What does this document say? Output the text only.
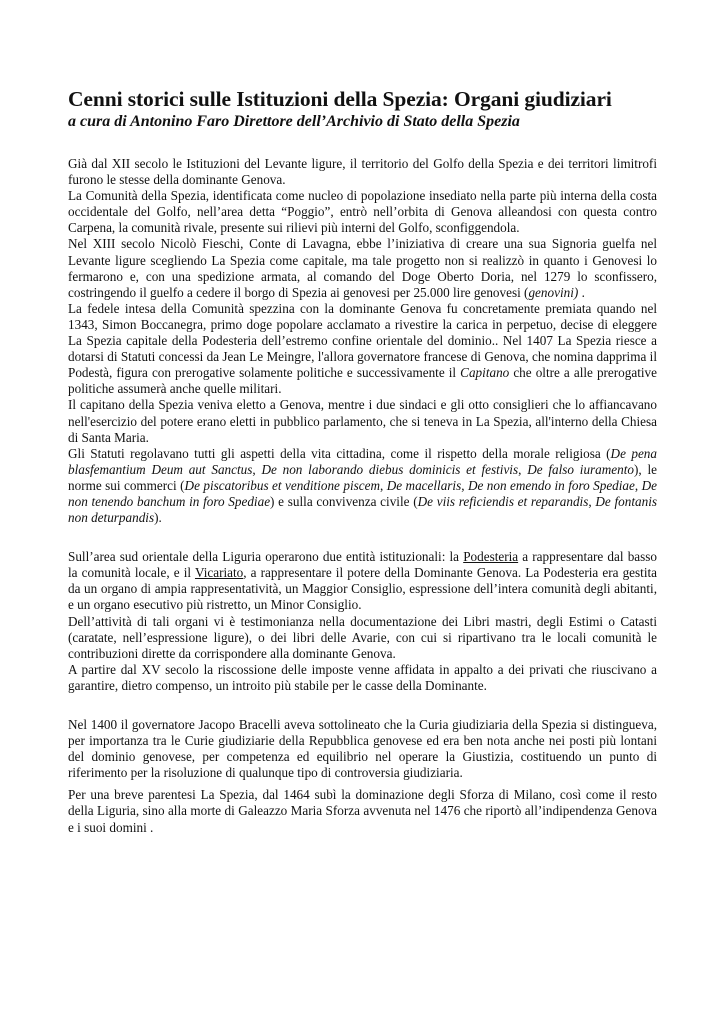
Cenni storici sulle Istituzioni della Spezia: Organi giudiziari
a cura di Antonino Faro Direttore dell’Archivio di Stato della Spezia

Già dal XII secolo le Istituzioni del Levante ligure, il territorio del Golfo della Spezia e dei territori limitrofi furono le stesse della dominante Genova.

La Comunità della Spezia, identificata come nucleo di popolazione insediato nella parte più interna della costa occidentale del Golfo, nell’area detta “Poggio”, entrò nell’orbita di Genova alleandosi con questa contro Carpena, la comunità rivale, presente sui rilievi più interni del Golfo, sconfiggendola.

Nel XIII secolo Nicolò Fieschi, Conte di Lavagna, ebbe l’iniziativa di creare una sua Signoria guelfa nel Levante ligure scegliendo La Spezia come capitale, ma tale progetto non si realizzò in quanto i Genovesi lo fermarono e, con una spedizione armata, al comando del Doge Oberto Doria, nel 1279 lo sconfissero, costringendo il guelfo a cedere il borgo di Spezia ai genovesi per 25.000 lire genovesi (genovini) .

La fedele intesa della Comunità spezzina con la dominante Genova fu concretamente premiata quando nel 1343, Simon Boccanegra, primo doge popolare acclamato a rivestire la carica in perpetuo, decise di eleggere La Spezia capitale della Podesteria dell’estremo confine orientale del dominio.. Nel 1407 La Spezia riesce a dotarsi di Statuti concessi da Jean Le Meingre, l'allora governatore francese di Genova, che nomina dapprima il Podestà, figura con prerogative solamente politiche e successivamente il Capitano che oltre a alle prerogative politiche assumerà anche quelle militari.

Il capitano della Spezia veniva eletto a Genova, mentre i due sindaci e gli otto consiglieri che lo affiancavano nell'esercizio del potere erano eletti in pubblico parlamento, che si teneva in La Spezia, all'interno della Chiesa di Santa Maria.

Gli Statuti regolavano tutti gli aspetti della vita cittadina, come il rispetto della morale religiosa (De pena blasfemantium Deum aut Sanctus, De non laborando diebus dominicis et festivis, De falso iuramento), le norme sui commerci (De piscatoribus et venditione piscem, De macellaris, De non emendo in foro Spediae, De non tenendo banchum in foro Spediae) e sulla convivenza civile (De viis reficiendis et reparandis, De fontanis non deturpandis).

Sull’area sud orientale della Liguria operarono due entità istituzionali: la Podesteria a rappresentare dal basso la comunità locale, e il Vicariato, a rappresentare il potere della Dominante Genova. La Podesteria era gestita da un organo di ampia rappresentatività, un Maggior Consiglio, espressione dell’intera comunità degli abitanti, e un organo esecutivo più ristretto, un Minor Consiglio.

Dell’attività di tali organi vi è testimonianza nella documentazione dei Libri mastri, degli Estimi o Catasti (caratate, nell’espressione ligure), o dei libri delle Avarie, con cui si ripartivano tra le locali comunità le contribuzioni dirette da corrispondere alla dominante Genova.

A partire dal XV secolo la riscossione delle imposte venne affidata in appalto a dei privati che riuscivano a garantire, dietro compenso, un introito più stabile per le casse della Dominante.

Nel 1400 il governatore Jacopo Bracelli aveva sottolineato che la Curia giudiziaria della Spezia si distingueva, per importanza tra le Curie giudiziarie della Repubblica genovese ed era ben nota anche nei posti più lontani del dominio genovese, per competenza ed equilibrio nel operare la Giustizia, costituendo un punto di riferimento per la risoluzione di qualunque tipo di controversia giudiziaria.

Per una breve parentesi La Spezia, dal 1464 subì la dominazione degli Sforza di Milano, così come il resto della Liguria, sino alla morte di Galeazzo Maria Sforza avvenuta nel 1476 che riportò all’indipendenza Genova e i suoi domini .
